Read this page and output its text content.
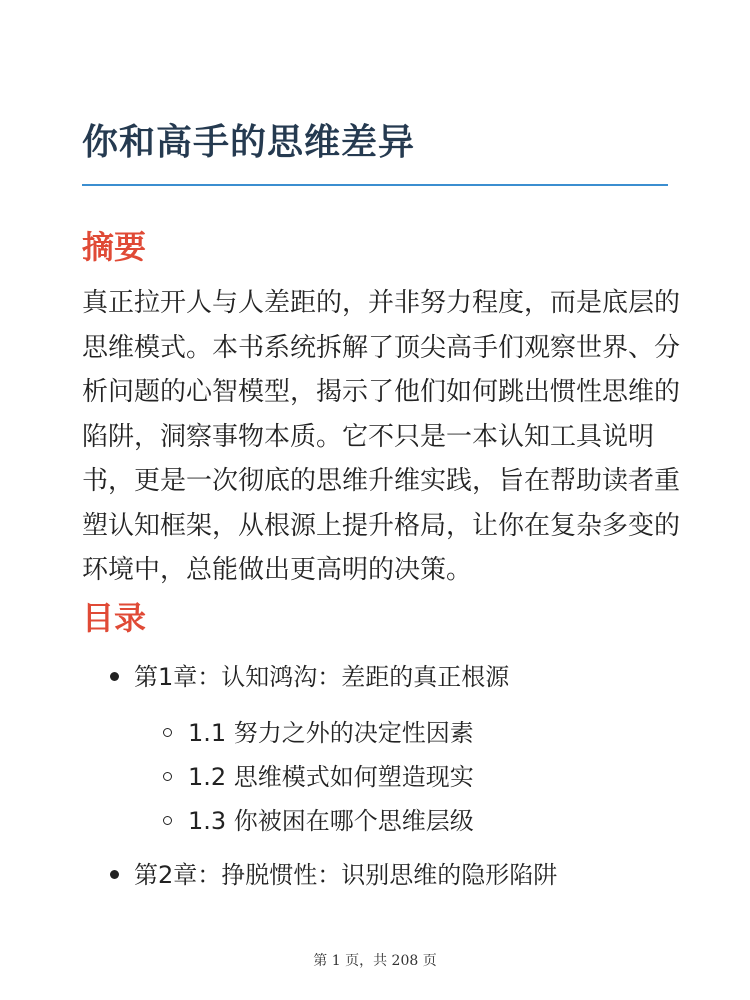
你和高手的思维差异
摘要

真正拉开人与人差距的，并非努力程度，而是底层的思维模式。本书系统拆解了顶尖高手们观察世界、分析问题的心智模型，揭示了他们如何跳出惯性思维的陷阱，洞察事物本质。它不只是一本认知工具说明书，更是一次彻底的思维升维实践，旨在帮助读者重塑认知框架，从根源上提升格局，让你在复杂多变的环境中，总能做出更高明的决策。

目录
第1章：认知鸿沟：差距的真正根源
1.1 努力之外的决定性因素
1.2 思维模式如何塑造现实
1.3 你被困在哪个思维层级
第2章：挣脱惯性：识别思维的隐形陷阱
第 1 页，共 208 页
